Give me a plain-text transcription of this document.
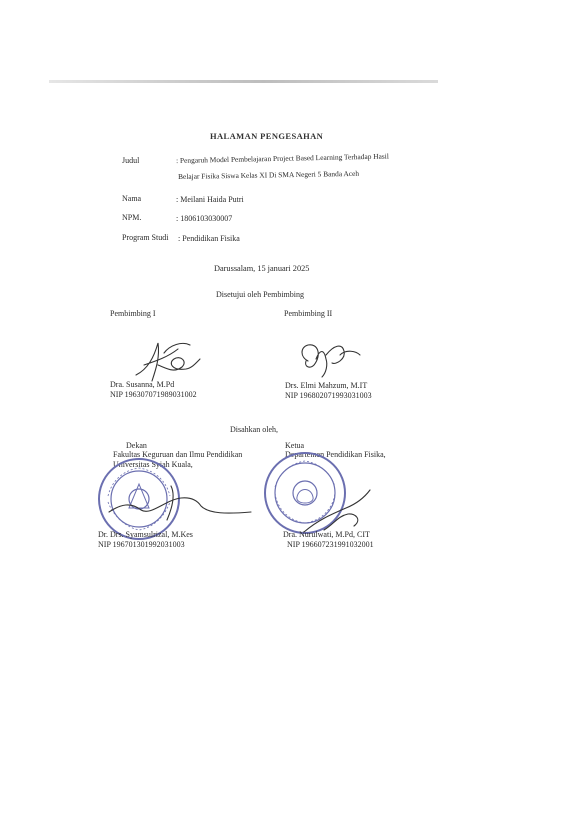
HALAMAN PENGESAHAN
Judul	: Pengaruh Model Pembelajaran Project Based Learning Terhadap Hasil
Belajar Fisika Siswa Kelas XI Di SMA Negeri 5 Banda Aceh
Nama	: Meilani Haida Putri
NPM.	: 1806103030007
Program Studi : Pendidikan Fisika
Darussalam, 15 januari 2025
Disetujui oleh Pembimbing
Pembimbing I	Pembimbing II
Dra. Susanna, M.Pd
NIP 196307071989031002
Drs. Elmi Mahzum, M.IT
NIP 196802071993031003
Disahkan oleh,
Dekan
Fakultas Keguruan dan Ilmu Pendidikan
Universitas Syiah Kuala,
Ketua
Departemen Pendidikan Fisika,
Dr. Drs. Syamsulrizal, M.Kes
NIP 196701301992031003
Dra. Nurulwati, M.Pd, CIT
NIP 196607231991032001
